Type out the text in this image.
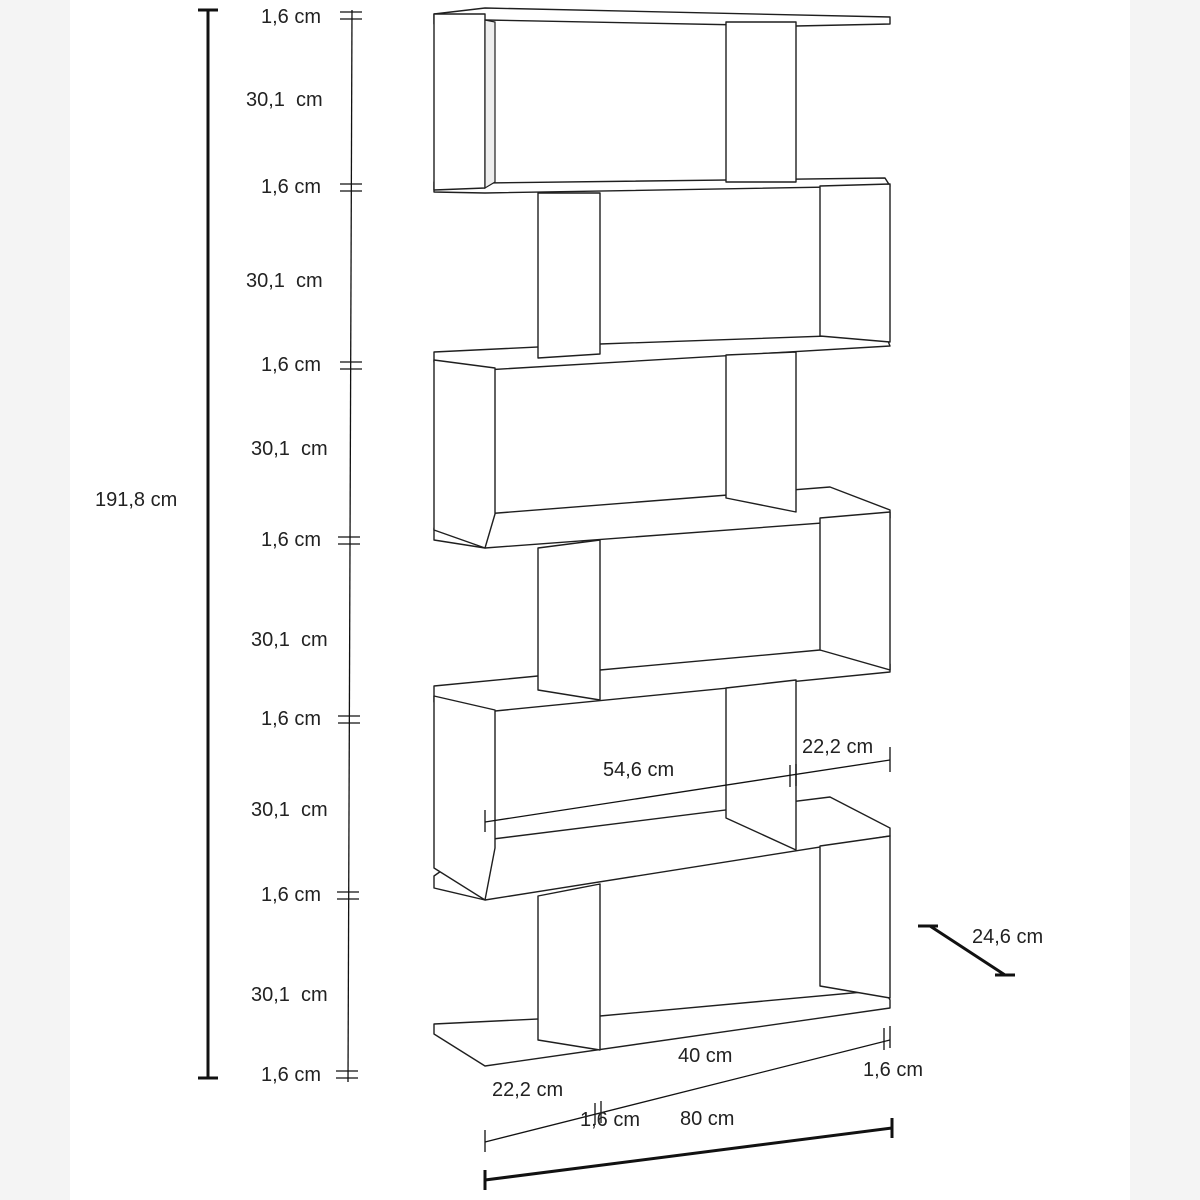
191,8 cm
1,6 cm
30,1  cm
1,6 cm
30,1  cm
1,6 cm
30,1  cm
1,6 cm
30,1  cm
1,6 cm
30,1  cm
1,6 cm
30,1  cm
1,6 cm
54,6 cm
22,2 cm
24,6 cm
40 cm
1,6 cm
22,2 cm
1,6 cm 80 cm
